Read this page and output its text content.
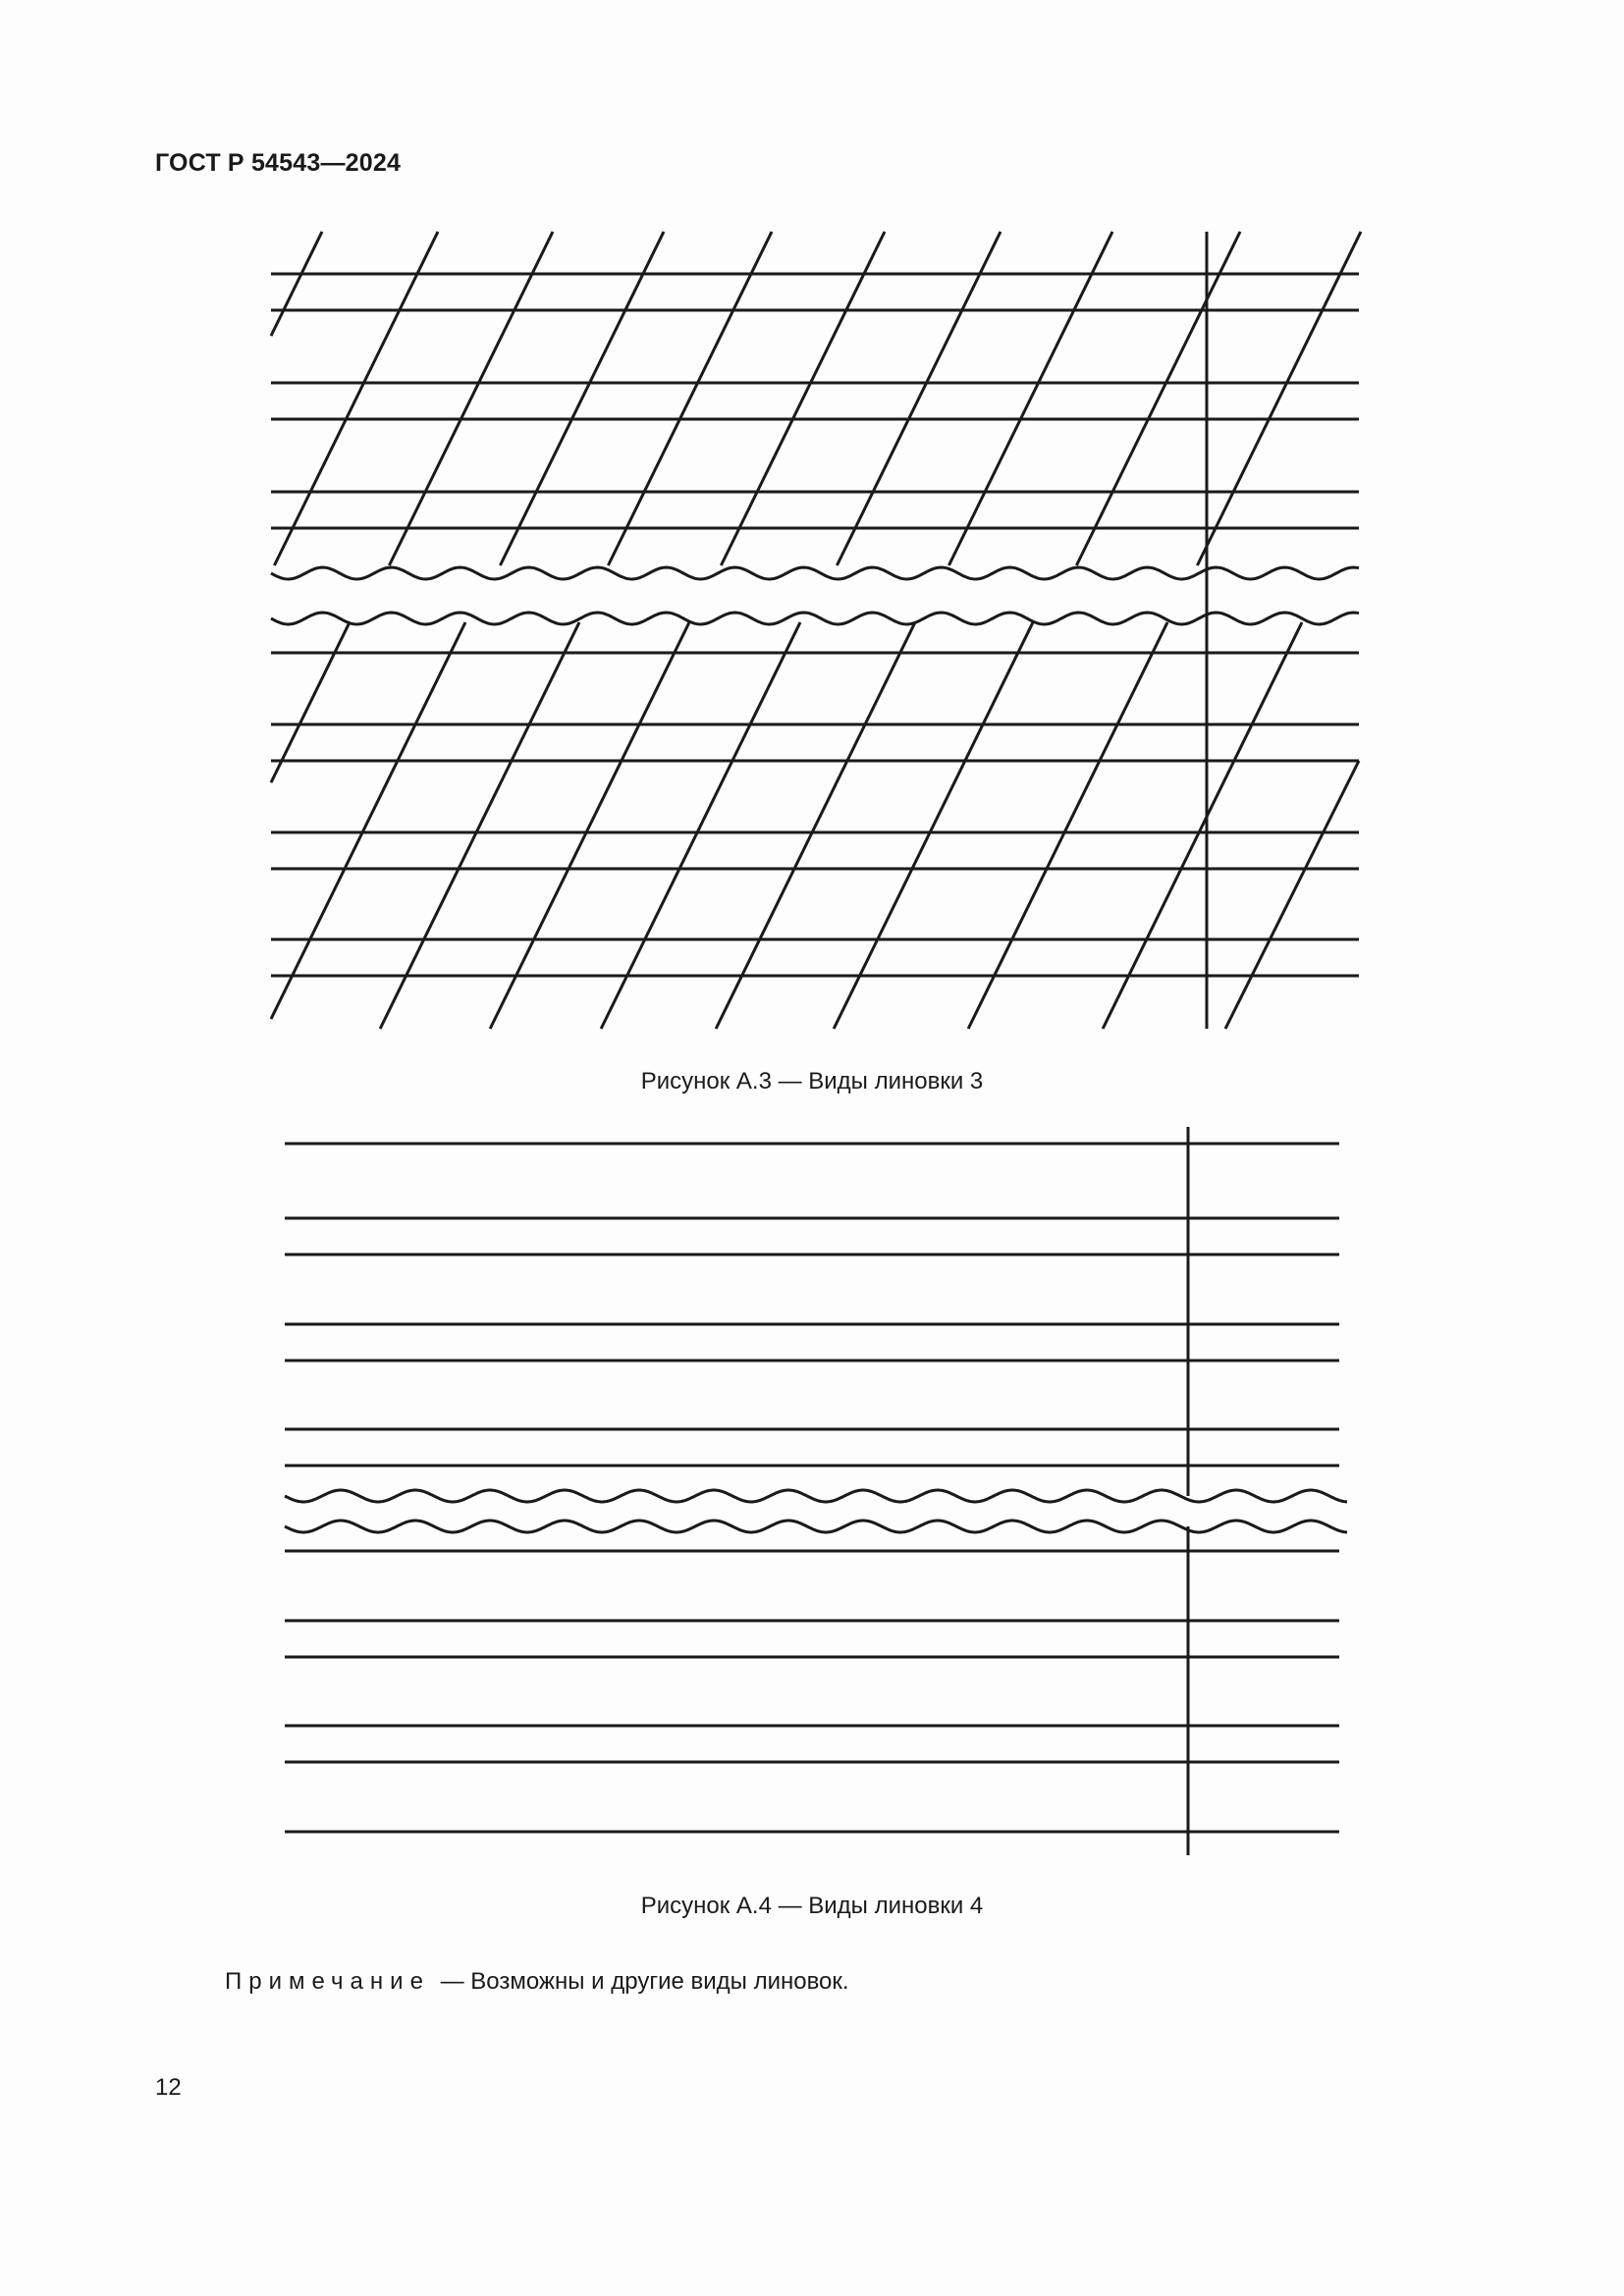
ГОСТ Р 54543—2024
Рисунок А.3 — Виды линовки 3
Рисунок А.4 — Виды линовки 4
Примечание — Возможны и другие виды линовок.
12
